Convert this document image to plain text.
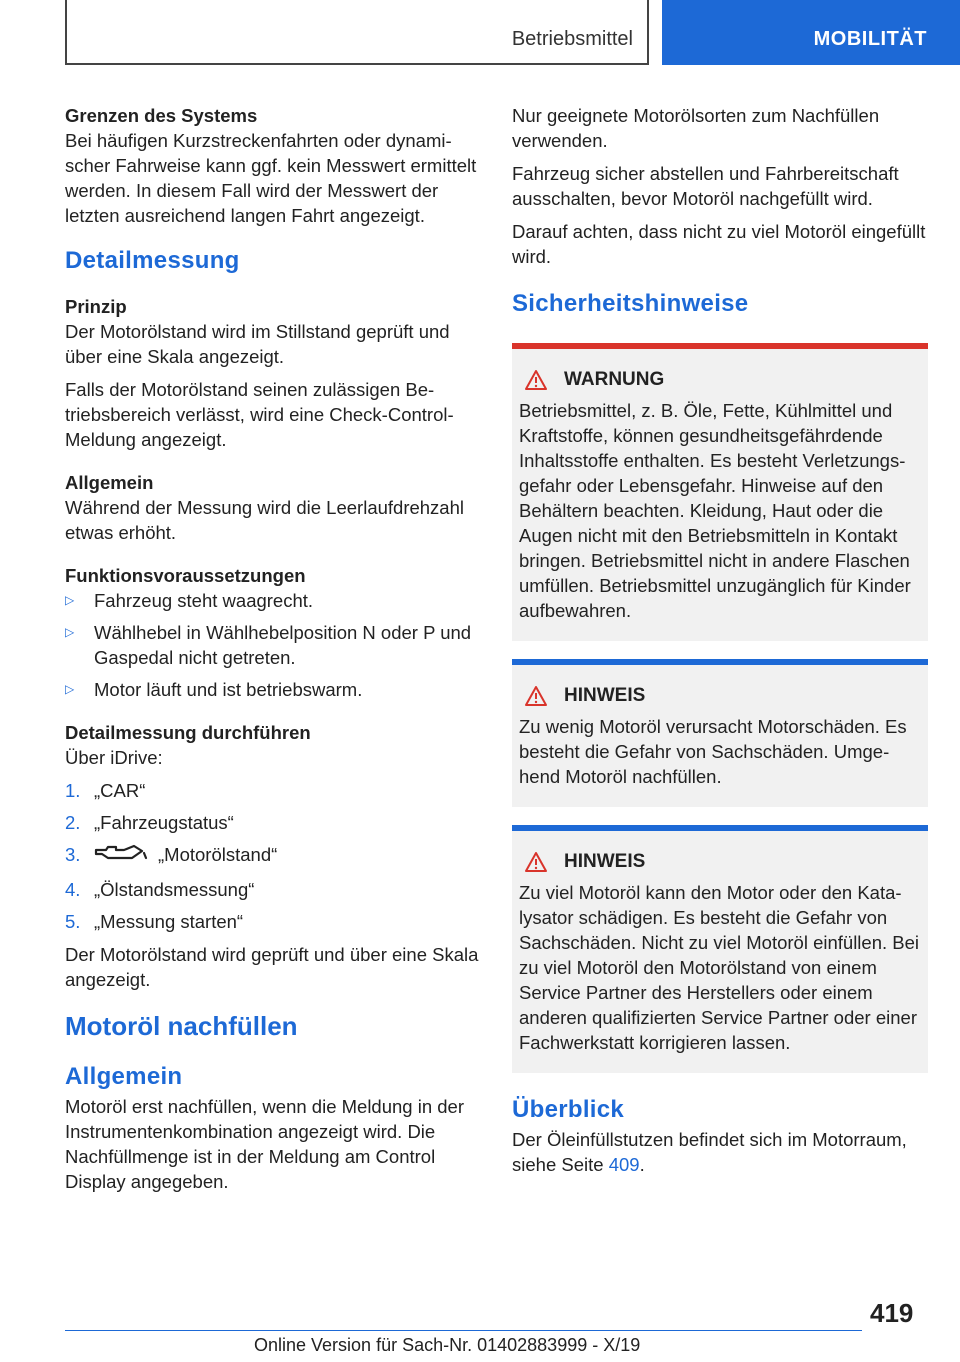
Betriebsmittel	MOBILITÄT
Grenzen des Systems

Bei häufigen Kurzstreckenfahrten oder dynamischer Fahrweise kann ggf. kein Messwert ermittelt werden. In diesem Fall wird der Messwert der letzten ausreichend langen Fahrt angezeigt.

Detailmessung
Prinzip

Der Motorölstand wird im Stillstand geprüft und über eine Skala angezeigt.

Falls der Motorölstand seinen zulässigen Betriebsbereich verlässt, wird eine Check-Control-Meldung angezeigt.

Allgemein

Während der Messung wird die Leerlaufdrehzahl etwas erhöht.

Funktionsvoraussetzungen
▷ Fahrzeug steht waagrecht.
▷ Wählhebel in Wählhebelposition N oder P und Gaspedal nicht getreten.
▷ Motor läuft und ist betriebswarm.
Detailmessung durchführen

Über iDrive:

1. „CAR“
2. „Fahrzeugstatus“
3.	„Motorölstand“
4. „Ölstandsmessung“
5. „Messung starten“

Der Motorölstand wird geprüft und über eine Skala angezeigt.

Motoröl nachfüllen
Allgemein

Motoröl erst nachfüllen, wenn die Meldung in der Instrumentenkombination angezeigt wird. Die Nachfüllmenge ist in der Meldung am Control Display angegeben.

Nur geeignete Motorölsorten zum Nachfüllen verwenden.

Fahrzeug sicher abstellen und Fahrbereitschaft ausschalten, bevor Motoröl nachgefüllt wird.

Darauf achten, dass nicht zu viel Motoröl eingefüllt wird.

Sicherheitshinweise
WARNUNG

Betriebsmittel, z. B. Öle, Fette, Kühlmittel und Kraftstoffe, können gesundheitsgefährdende Inhaltsstoffe enthalten. Es besteht Verletzungsgefahr oder Lebensgefahr. Hinweise auf den Behältern beachten. Kleidung, Haut oder die Augen nicht mit den Betriebsmitteln in Kontakt bringen. Betriebsmittel nicht in andere Flaschen umfüllen. Betriebsmittel unzugänglich für Kinder aufbewahren.

HINWEIS

Zu wenig Motoröl verursacht Motorschäden. Es besteht die Gefahr von Sachschäden. Umgehend Motoröl nachfüllen.

HINWEIS

Zu viel Motoröl kann den Motor oder den Katalysator schädigen. Es besteht die Gefahr von Sachschäden. Nicht zu viel Motoröl einfüllen. Bei zu viel Motoröl den Motorölstand von einem Service Partner des Herstellers oder einem anderen qualifizierten Service Partner oder einer Fachwerkstatt korrigieren lassen.

Überblick

Der Öleinfüllstutzen befindet sich im Motorraum, siehe Seite 409.

419
Online Version für Sach-Nr. 01402883999 - X/19
